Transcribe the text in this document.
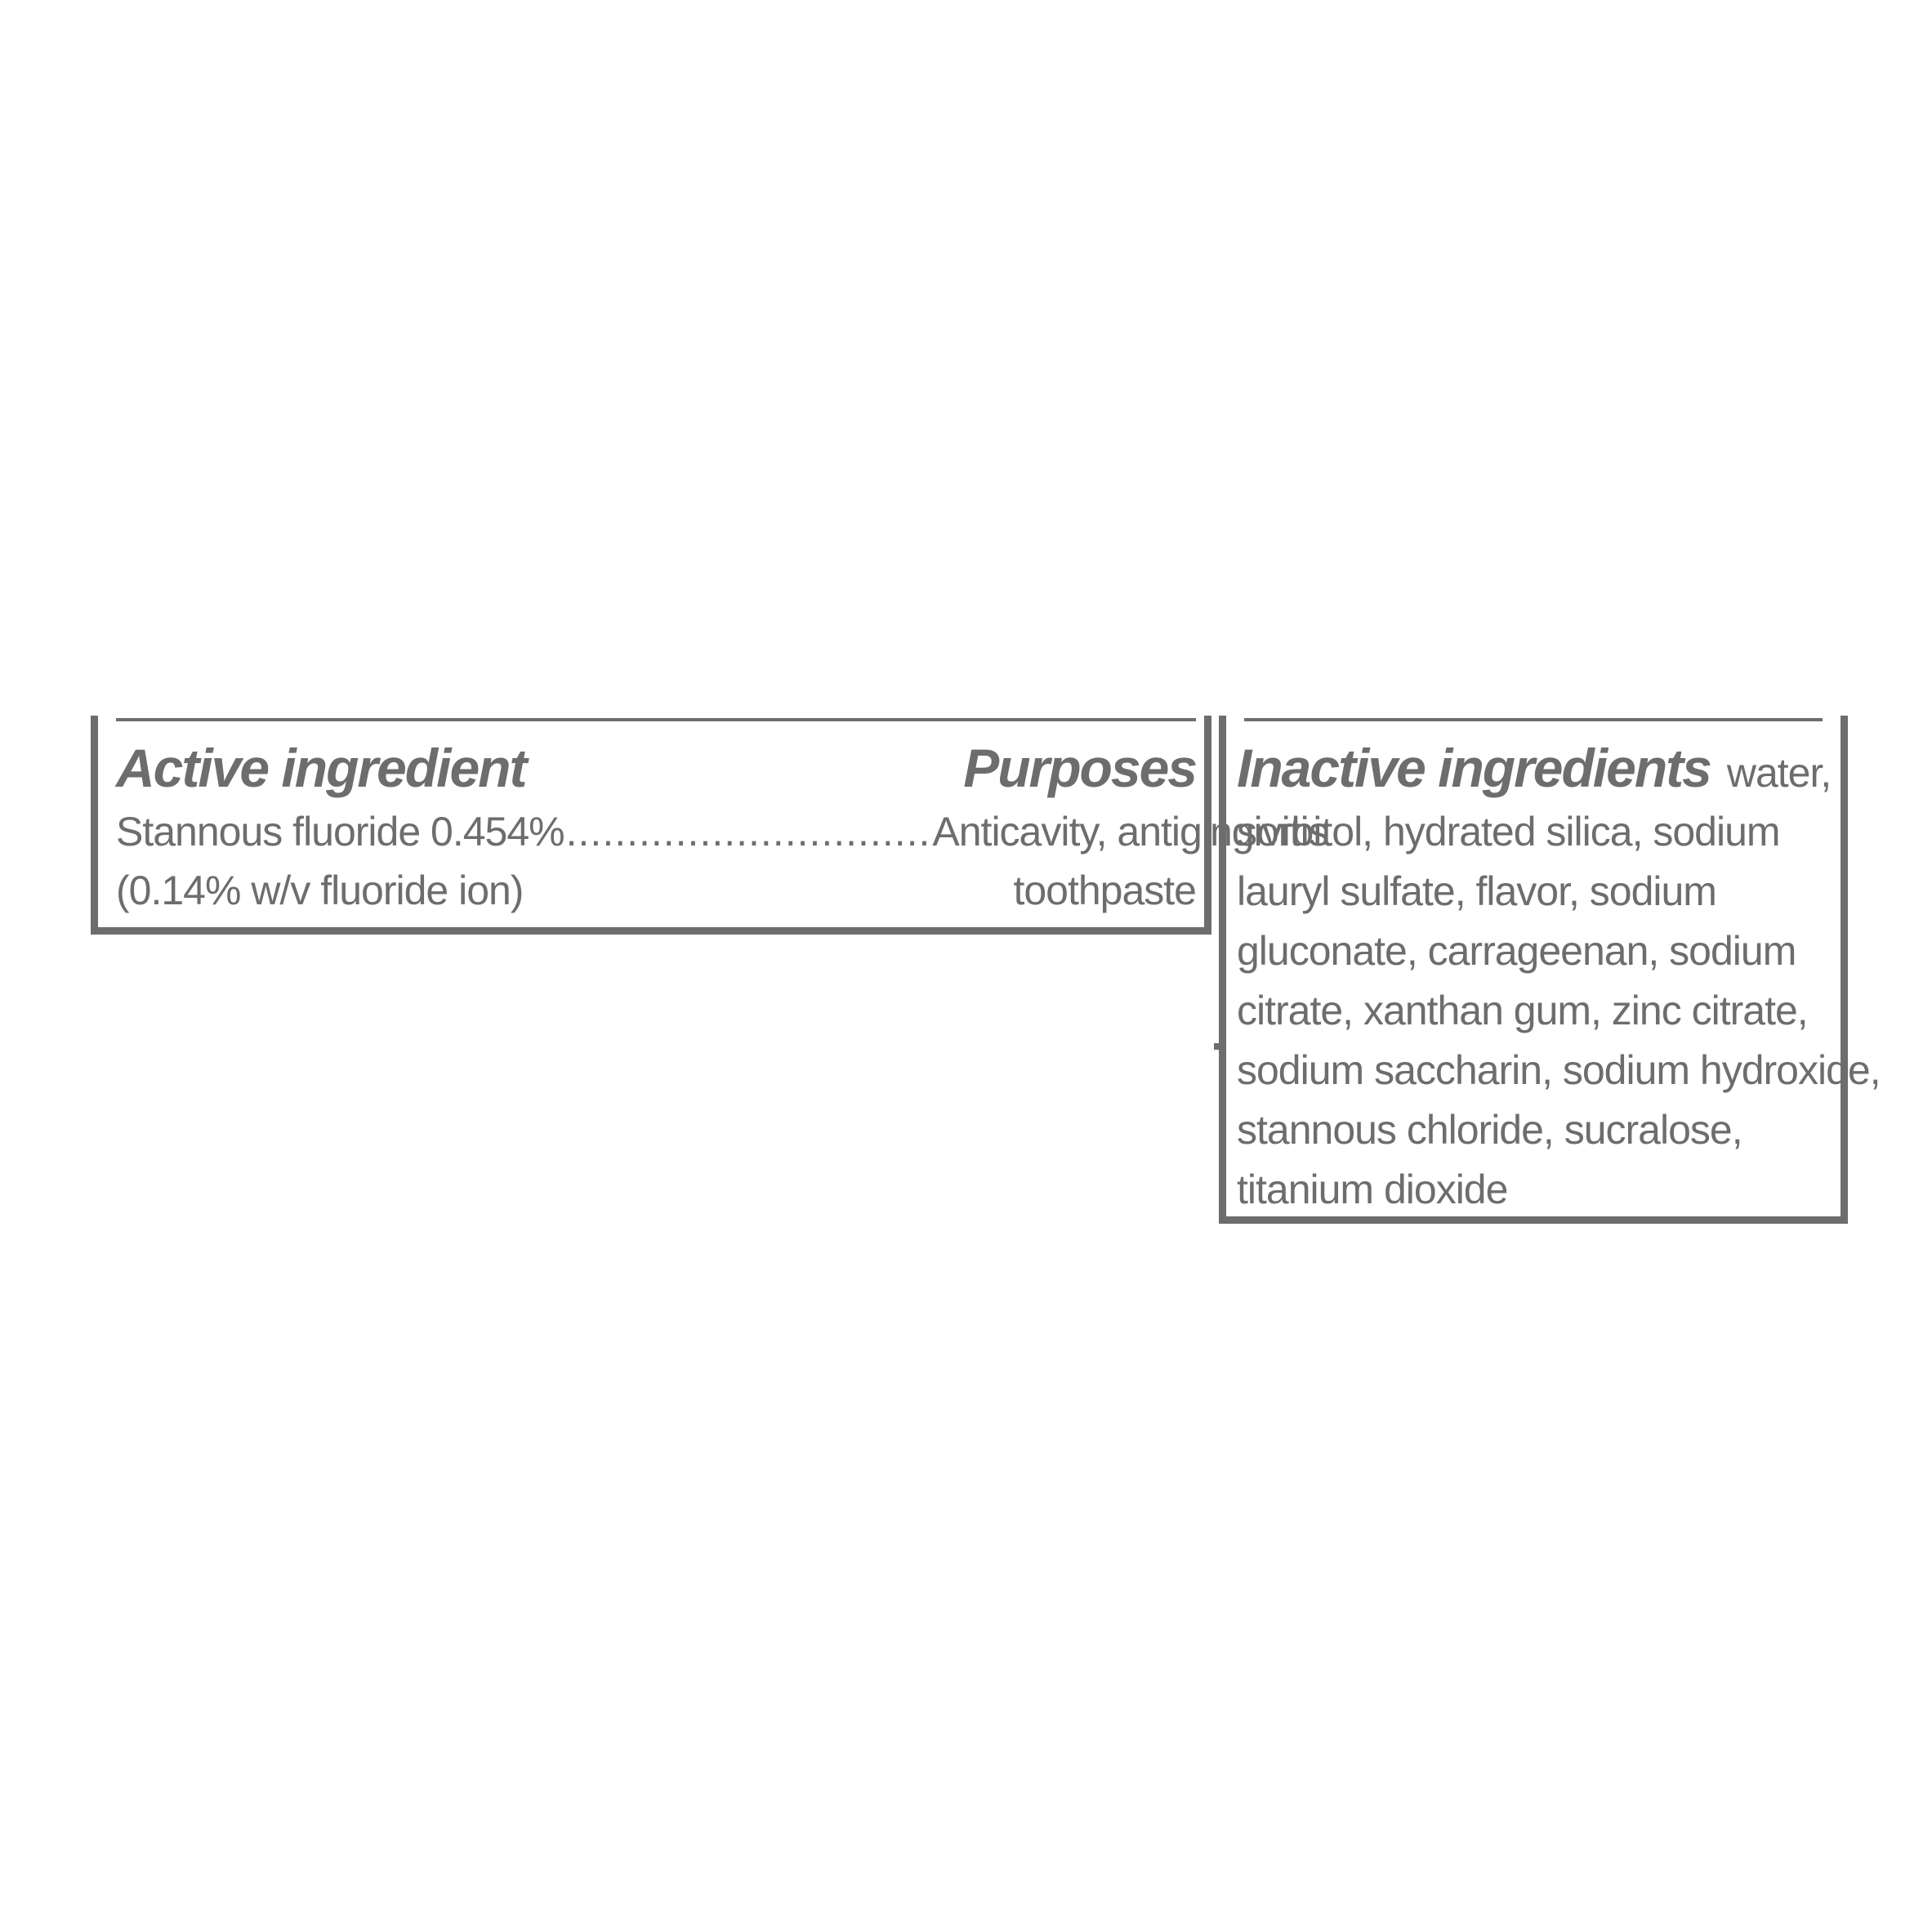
Active ingredient	Purposes
Stannous fluoride 0.454% .............................. Anticavity, antigingivitis
(0.14% w/v fluoride ion)	toothpaste
Inactive ingredients water,
sorbitol, hydrated silica, sodium
lauryl sulfate, flavor, sodium
gluconate, carrageenan, sodium
citrate, xanthan gum, zinc citrate,
sodium saccharin, sodium hydroxide,
stannous chloride, sucralose,
titanium dioxide
